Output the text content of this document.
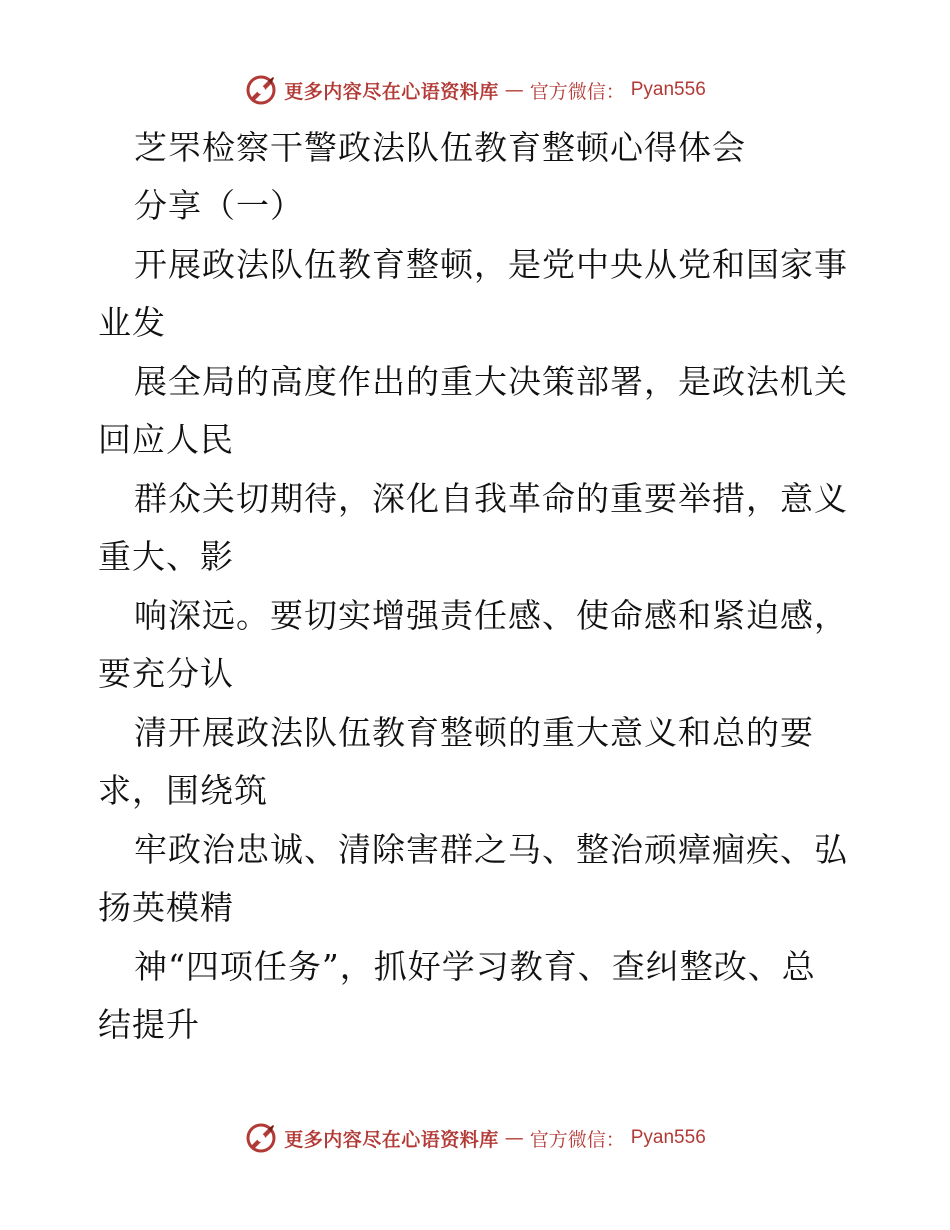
更多内容尽在心语资料库 — 官方微信： Pyan556
芝罘检察干警政法队伍教育整顿心得体会
分享（一）
开展政法队伍教育整顿，是党中央从党和国家事
业发
展全局的高度作出的重大决策部署，是政法机关
回应人民
群众关切期待，深化自我革命的重要举措，意义
重大、影
响深远。要切实增强责任感、使命感和紧迫感，
要充分认
清开展政法队伍教育整顿的重大意义和总的要
求，围绕筑
牢政治忠诚、清除害群之马、整治顽瘴痼疾、弘
扬英模精
神“四项任务”，抓好学习教育、查纠整改、总
结提升
更多内容尽在心语资料库 — 官方微信： Pyan556
